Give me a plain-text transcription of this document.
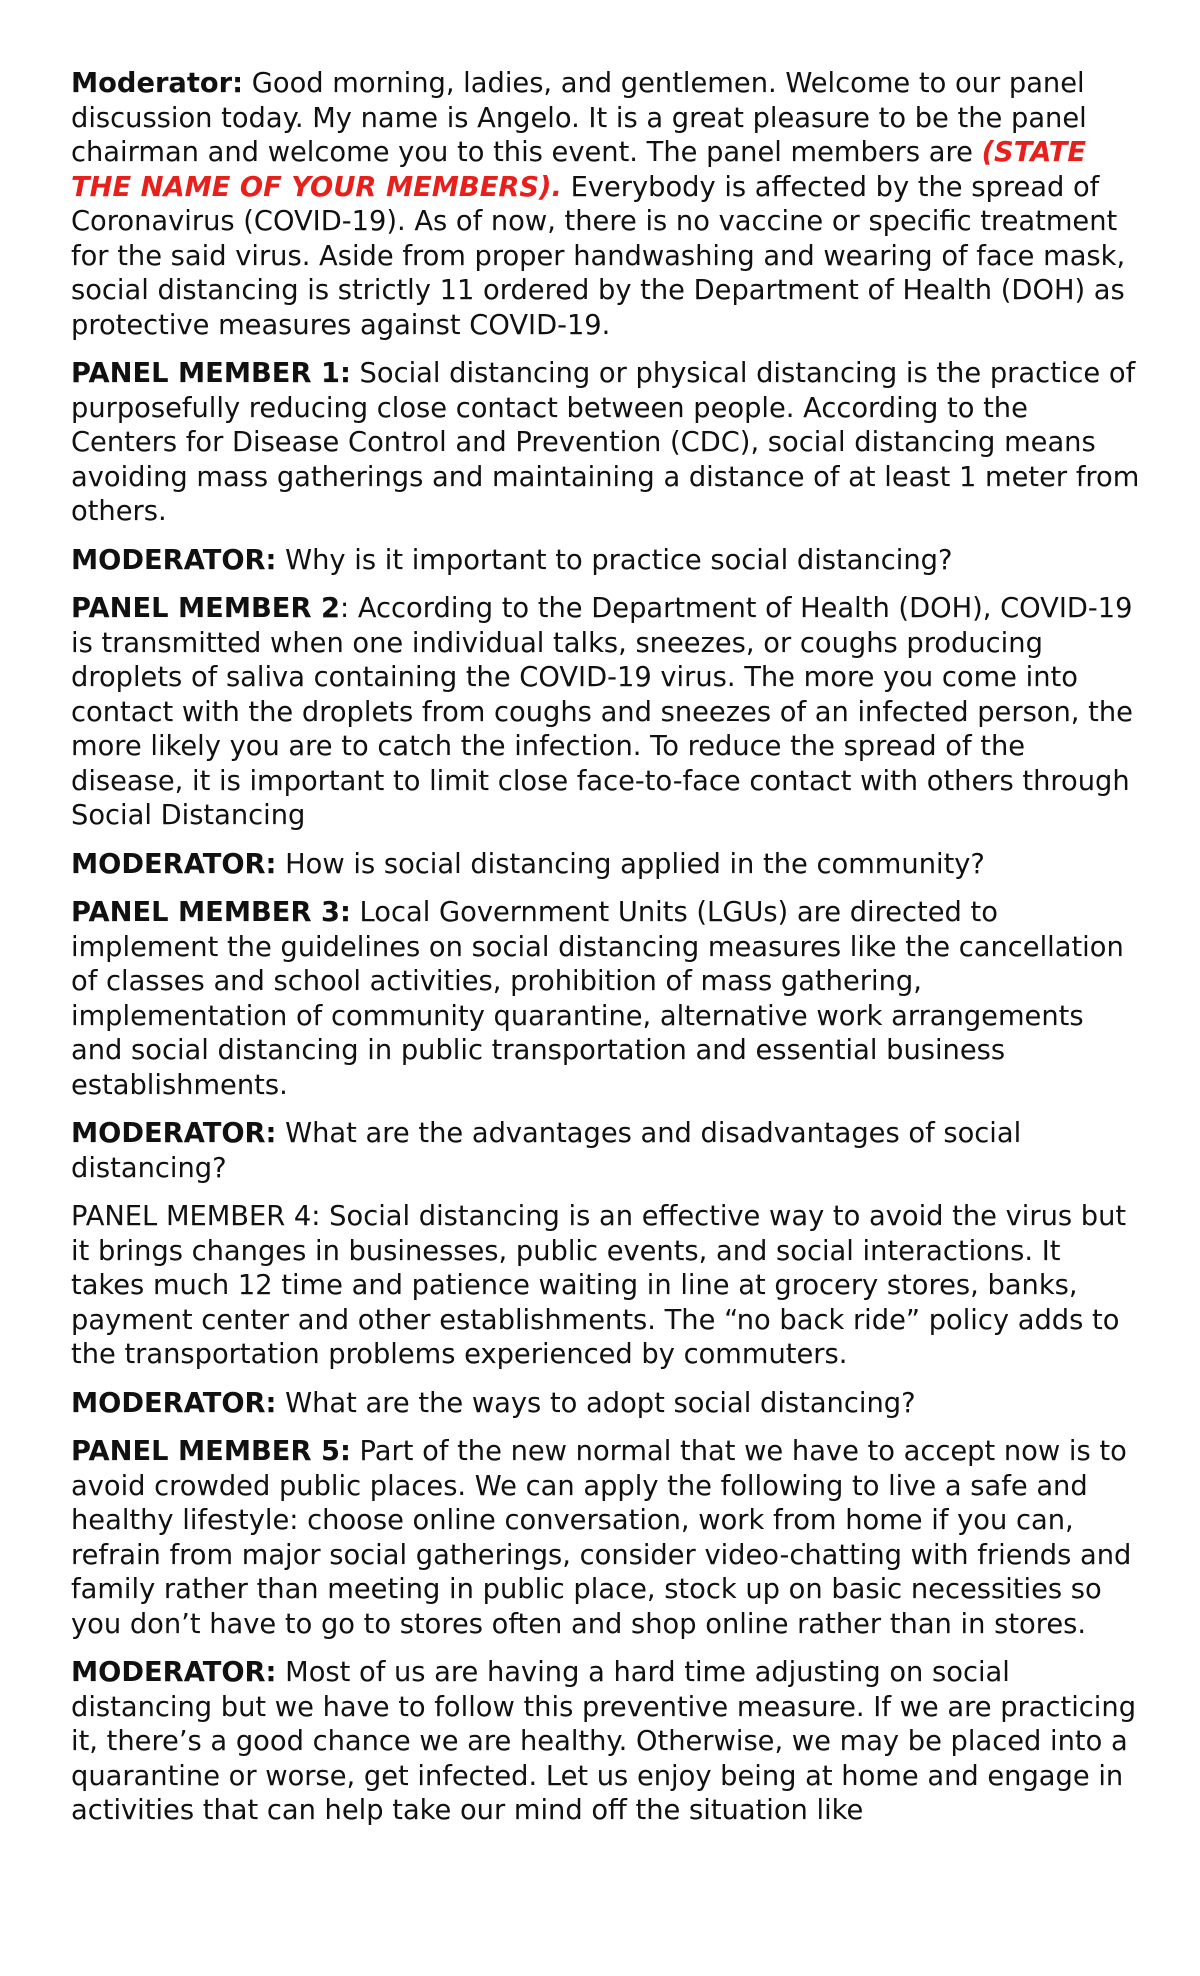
Moderator: Good morning, ladies, and gentlemen. Welcome to our panel discussion today. My name is Angelo. It is a great pleasure to be the panel chairman and welcome you to this event. The panel members are (STATE THE NAME OF YOUR MEMBERS). Everybody is affected by the spread of Coronavirus (COVID-19). As of now, there is no vaccine or specific treatment for the said virus. Aside from proper handwashing and wearing of face mask, social distancing is strictly 11 ordered by the Department of Health (DOH) as protective measures against COVID-19.

PANEL MEMBER 1: Social distancing or physical distancing is the practice of purposefully reducing close contact between people. According to the Centers for Disease Control and Prevention (CDC), social distancing means avoiding mass gatherings and maintaining a distance of at least 1 meter from others.

MODERATOR: Why is it important to practice social distancing?

PANEL MEMBER 2: According to the Department of Health (DOH), COVID-19 is transmitted when one individual talks, sneezes, or coughs producing droplets of saliva containing the COVID-19 virus. The more you come into contact with the droplets from coughs and sneezes of an infected person, the more likely you are to catch the infection. To reduce the spread of the disease, it is important to limit close face-to-face contact with others through Social Distancing

MODERATOR: How is social distancing applied in the community?

PANEL MEMBER 3: Local Government Units (LGUs) are directed to implement the guidelines on social distancing measures like the cancellation of classes and school activities, prohibition of mass gathering, implementation of community quarantine, alternative work arrangements and social distancing in public transportation and essential business establishments.

MODERATOR: What are the advantages and disadvantages of social distancing?

PANEL MEMBER 4: Social distancing is an effective way to avoid the virus but it brings changes in businesses, public events, and social interactions. It takes much 12 time and patience waiting in line at grocery stores, banks, payment center and other establishments. The “no back ride” policy adds to the transportation problems experienced by commuters.

MODERATOR: What are the ways to adopt social distancing?

PANEL MEMBER 5: Part of the new normal that we have to accept now is to avoid crowded public places. We can apply the following to live a safe and healthy lifestyle: choose online conversation, work from home if you can, refrain from major social gatherings, consider video-chatting with friends and family rather than meeting in public place, stock up on basic necessities so you don’t have to go to stores often and shop online rather than in stores.

MODERATOR: Most of us are having a hard time adjusting on social distancing but we have to follow this preventive measure. If we are practicing it, there’s a good chance we are healthy. Otherwise, we may be placed into a quarantine or worse, get infected. Let us enjoy being at home and engage in activities that can help take our mind off the situation like
